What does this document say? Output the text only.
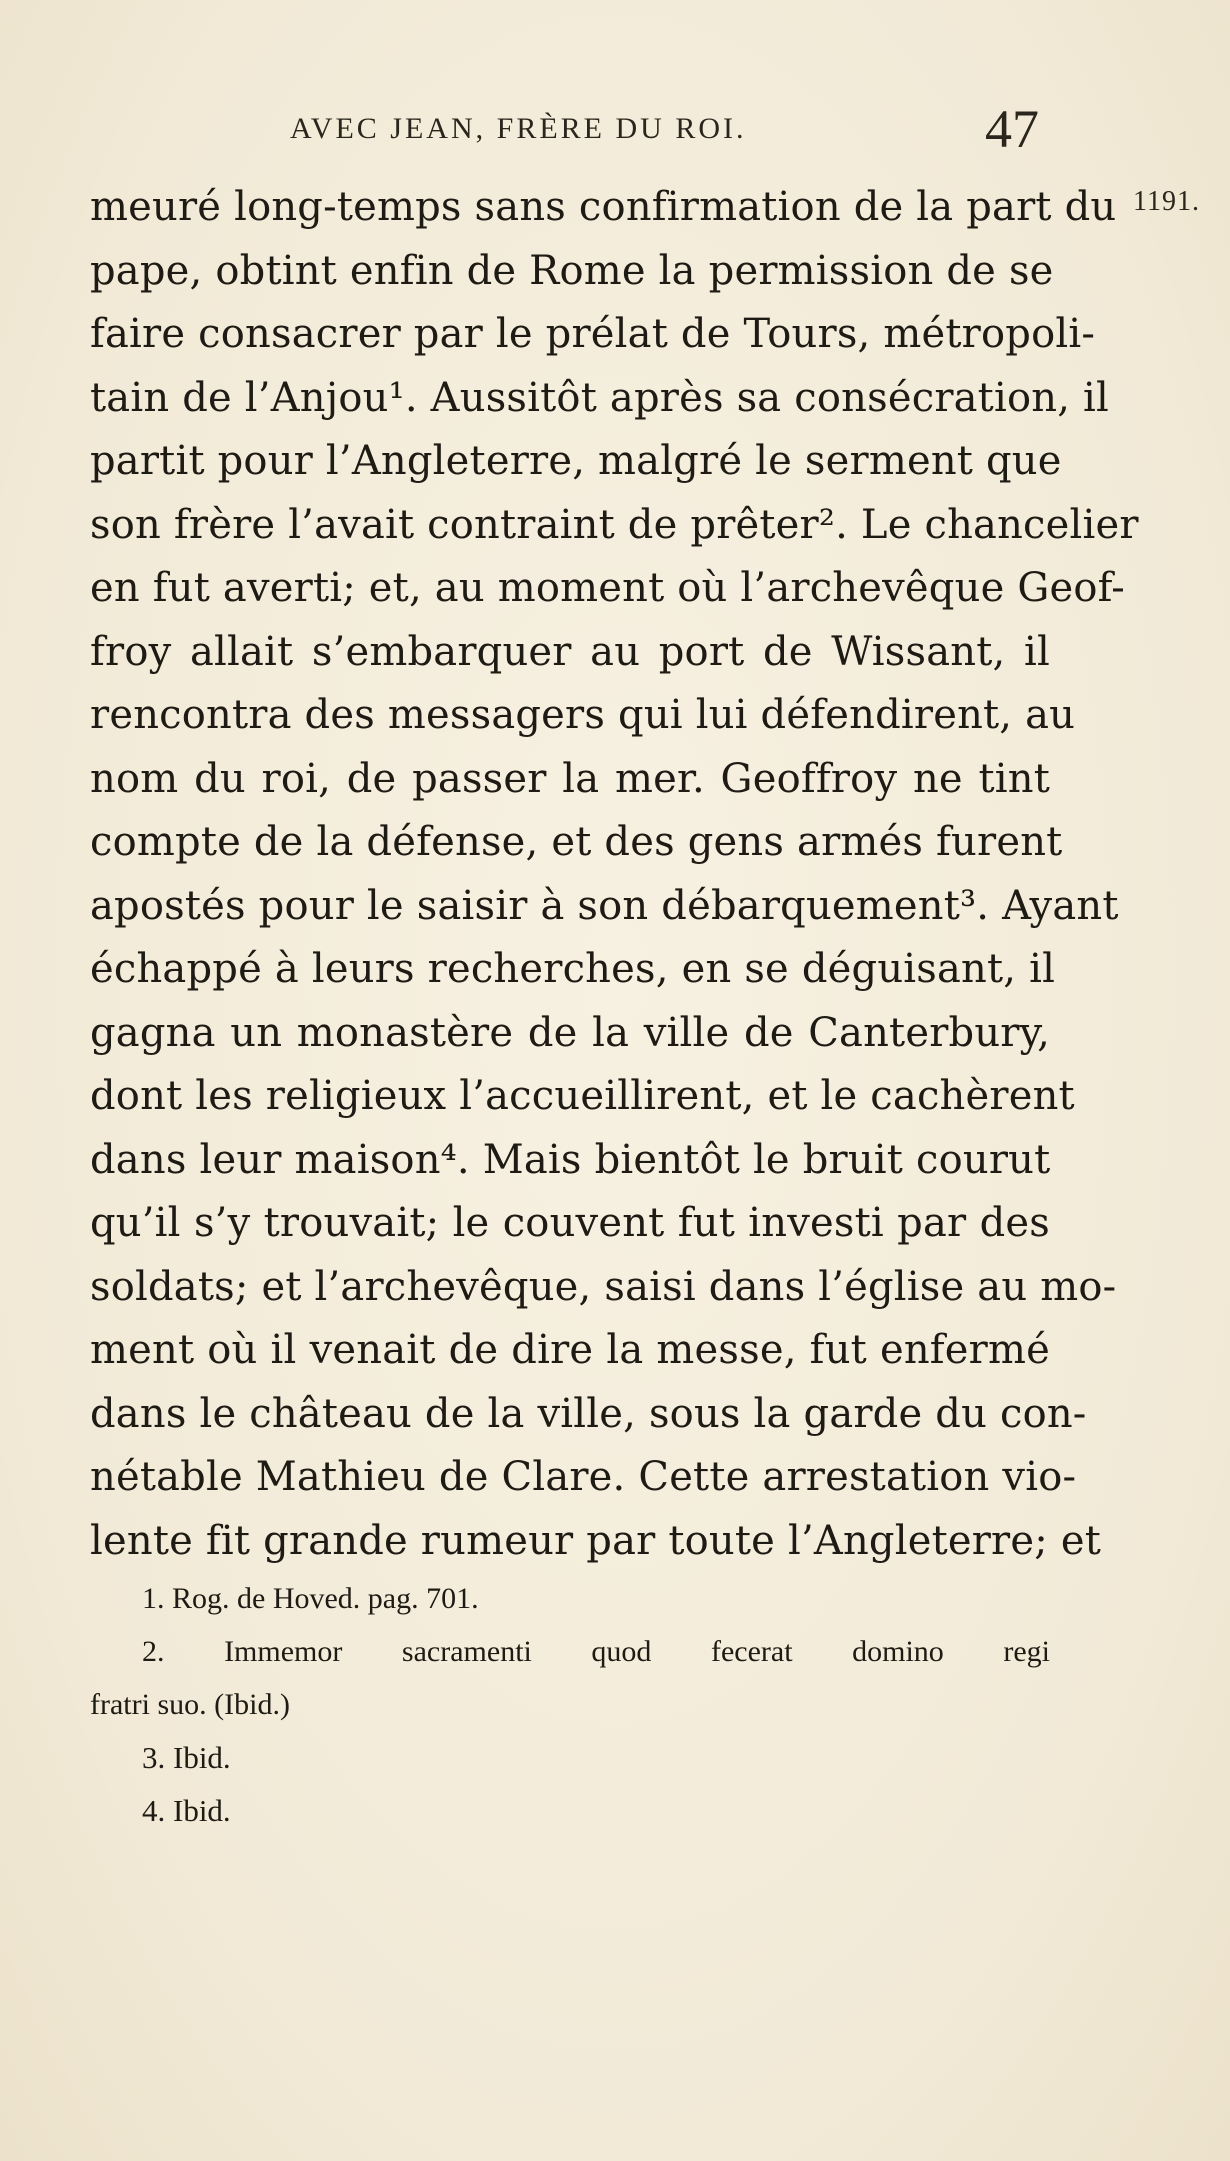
AVEC JEAN, FRÈRE DU ROI.	47
1191.
meuré long-temps sans confirmation de la part du
pape, obtint enfin de Rome la permission de se
faire consacrer par le prélat de Tours, métropoli-
tain de l’Anjou¹. Aussitôt après sa consécration, il
partit pour l’Angleterre, malgré le serment que
son frère l’avait contraint de prêter². Le chancelier
en fut averti; et, au moment où l’archevêque Geof-
froy allait s’embarquer au port de Wissant, il
rencontra des messagers qui lui défendirent, au
nom du roi, de passer la mer. Geoffroy ne tint
compte de la défense, et des gens armés furent
apostés pour le saisir à son débarquement³. Ayant
échappé à leurs recherches, en se déguisant, il
gagna un monastère de la ville de Canterbury,
dont les religieux l’accueillirent, et le cachèrent
dans leur maison⁴. Mais bientôt le bruit courut
qu’il s’y trouvait; le couvent fut investi par des
soldats; et l’archevêque, saisi dans l’église au mo-
ment où il venait de dire la messe, fut enfermé
dans le château de la ville, sous la garde du con-
nétable Mathieu de Clare. Cette arrestation vio-
lente fit grande rumeur par toute l’Angleterre; et
1. Rog. de Hoved. pag. 701.
2. Immemor sacramenti quod fecerat domino regi
fratri suo. (Ibid.)
3. Ibid.
4. Ibid.
